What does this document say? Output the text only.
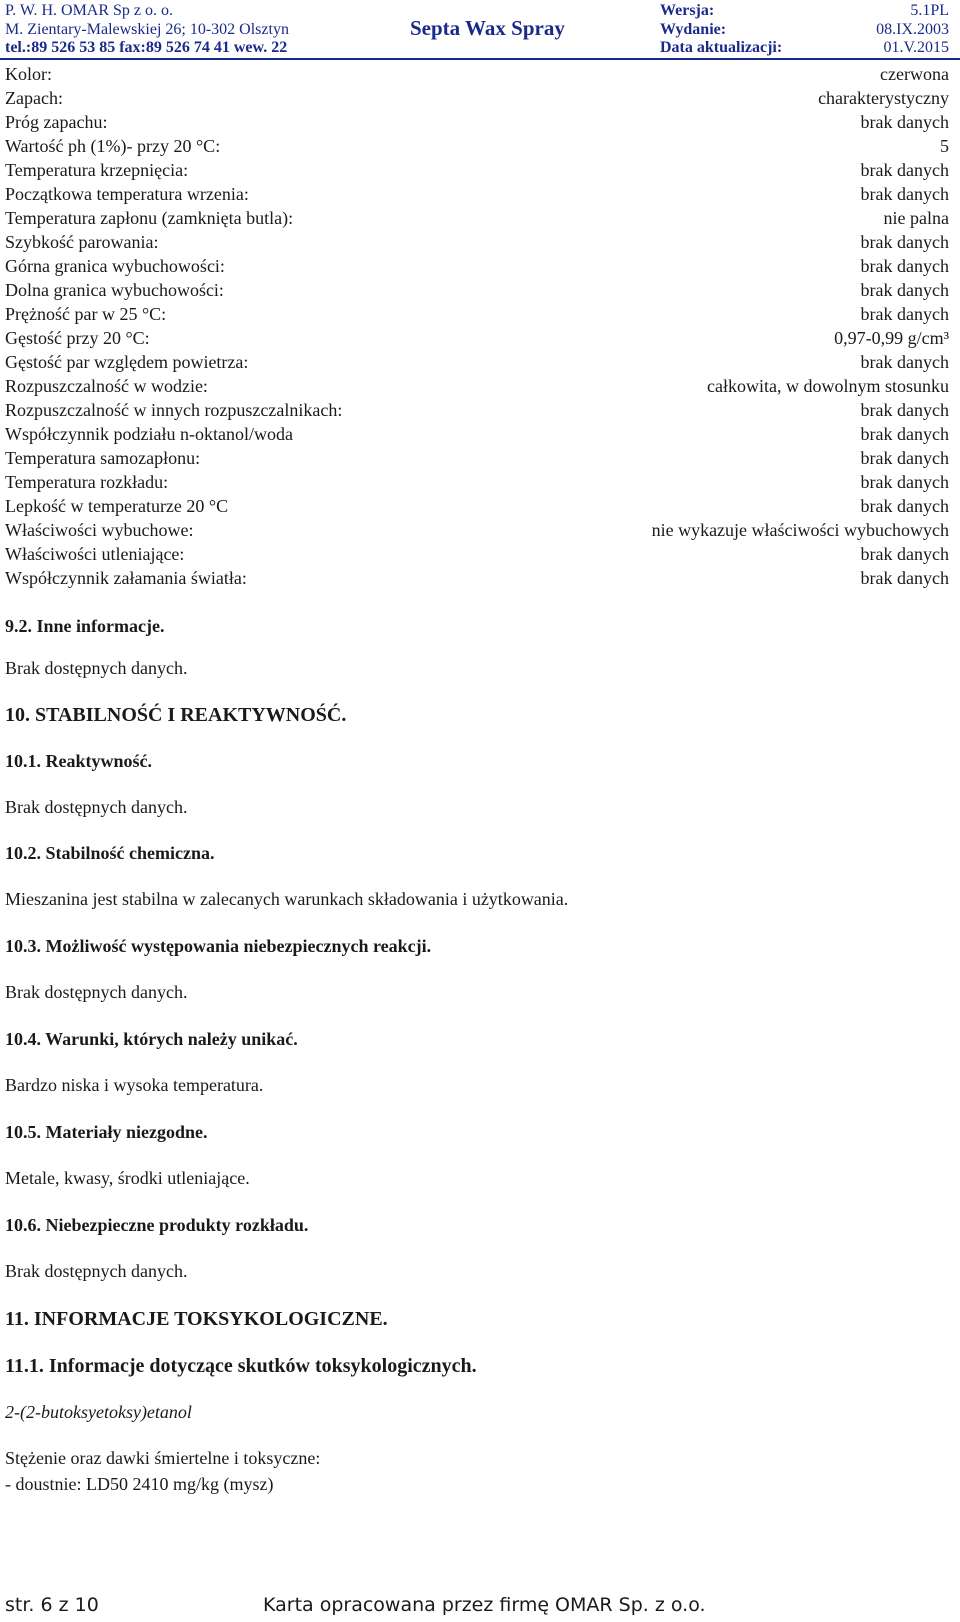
P. W. H. OMAR Sp z o. o.
M. Zientary-Malewskiej 26; 10-302 Olsztyn
tel.:89 526 53 85 fax:89 526 74 41 wew. 22
Septa Wax Spray
Wersja:	5.1PL
Wydanie:	08.IX.2003
Data aktualizacji:	01.V.2015
Kolor:	czerwona
Zapach:	charakterystyczny
Próg zapachu:	brak danych
Wartość ph (1%)- przy 20 °C:	5
Temperatura krzepnięcia:	brak danych
Początkowa temperatura wrzenia:	brak danych
Temperatura zapłonu (zamknięta butla):	nie palna
Szybkość parowania:	brak danych
Górna granica wybuchowości:	brak danych
Dolna granica wybuchowości:	brak danych
Prężność par w 25 °C:	brak danych
Gęstość przy 20 °C:	0,97-0,99 g/cm³
Gęstość par względem powietrza:	brak danych
Rozpuszczalność w wodzie:	całkowita, w dowolnym stosunku
Rozpuszczalność w innych rozpuszczalnikach:	brak danych
Współczynnik podziału n-oktanol/woda	brak danych
Temperatura samozapłonu:	brak danych
Temperatura rozkładu:	brak danych
Lepkość w temperaturze 20 °C	brak danych
Właściwości wybuchowe:	nie wykazuje właściwości wybuchowych
Właściwości utleniające:	brak danych
Współczynnik załamania światła:	brak danych

9.2. Inne informacje.

Brak dostępnych danych.

10. STABILNOŚĆ I REAKTYWNOŚĆ.

10.1. Reaktywność.

Brak dostępnych danych.

10.2. Stabilność chemiczna.

Mieszanina jest stabilna w zalecanych warunkach składowania i użytkowania.

10.3. Możliwość występowania niebezpiecznych reakcji.

Brak dostępnych danych.

10.4. Warunki, których należy unikać.

Bardzo niska i wysoka temperatura.

10.5. Materiały niezgodne.

Metale, kwasy, środki utleniające.

10.6. Niebezpieczne produkty rozkładu.

Brak dostępnych danych.

11. INFORMACJE TOKSYKOLOGICZNE.

11.1. Informacje dotyczące skutków toksykologicznych.

2-(2-butoksyetoksy)etanol

Stężenie oraz dawki śmiertelne i toksyczne:

- doustnie: LD50 2410 mg/kg (mysz)

str. 6 z 10	Karta opracowana przez firmę OMAR Sp. z o.o.
